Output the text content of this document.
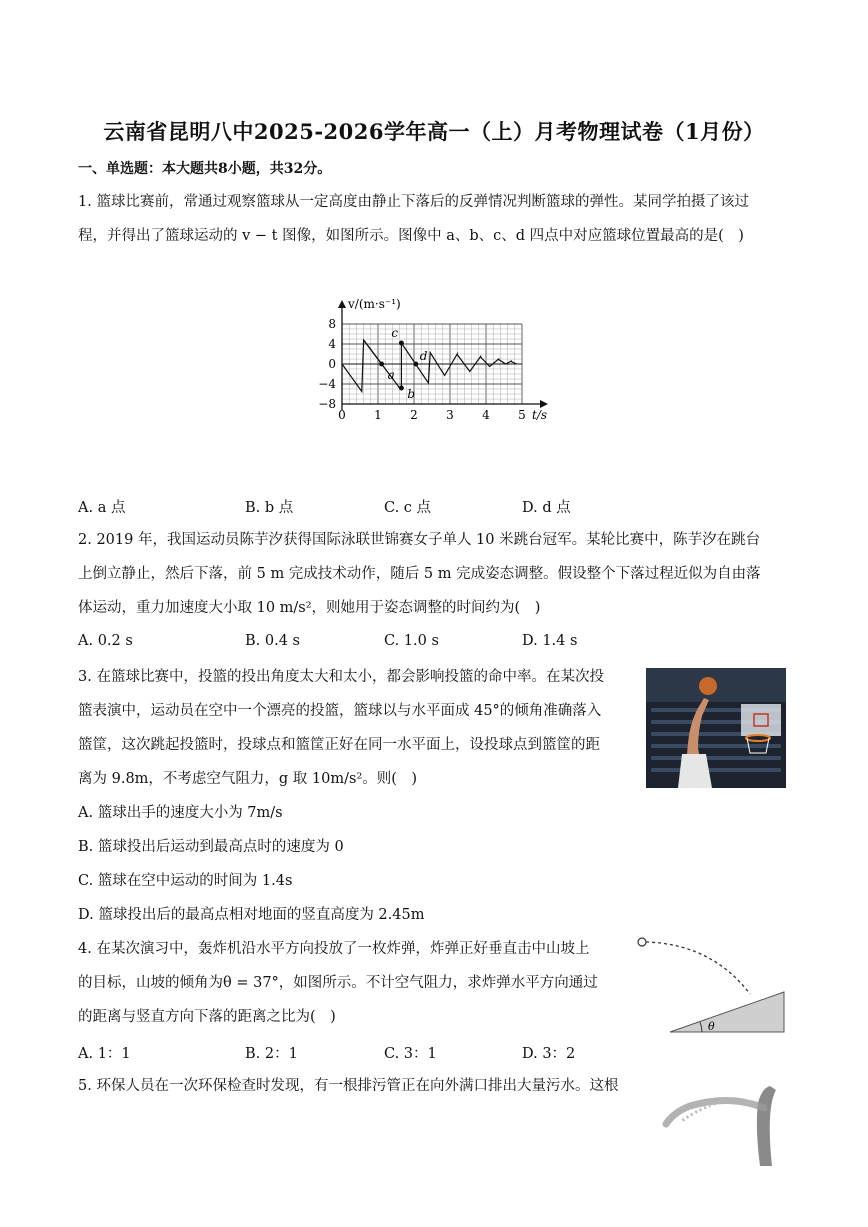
云南省昆明八中2025-2026学年高一（上）月考物理试卷（1月份）
一、单选题：本大题共8小题，共32分。
1. 篮球比赛前，常通过观察篮球从一定高度由静止下落后的反弹情况判断篮球的弹性。某同学拍摄了该过
程，并得出了篮球运动的 v − t 图像，如图所示。图像中 a、b、c、d 四点中对应篮球位置最高的是(　)
a
b
c
d
8
4
0
−4
−8
0 1 2 3 4 5
v/(m·s⁻¹)
t/s
A. a 点	B. b 点	C. c 点	D. d 点
2. 2019 年，我国运动员陈芋汐获得国际泳联世锦赛女子单人 10 米跳台冠军。某轮比赛中，陈芋汐在跳台
上倒立静止，然后下落，前 5 m 完成技术动作，随后 5 m 完成姿态调整。假设整个下落过程近似为自由落
体运动，重力加速度大小取 10 m/s²，则她用于姿态调整的时间约为(　)
A. 0.2 s	B. 0.4 s	C. 1.0 s	D. 1.4 s
3. 在篮球比赛中，投篮的投出角度太大和太小，都会影响投篮的命中率。在某次投
篮表演中，运动员在空中一个漂亮的投篮，篮球以与水平面成 45°的倾角准确落入
篮筐，这次跳起投篮时，投球点和篮筐正好在同一水平面上，设投球点到篮筐的距
离为 9.8m，不考虑空气阻力，g 取 10m/s²。则(　)
A. 篮球出手的速度大小为 7m/s
B. 篮球投出后运动到最高点时的速度为 0
C. 篮球在空中运动的时间为 1.4s
D. 篮球投出后的最高点相对地面的竖直高度为 2.45m
4. 在某次演习中，轰炸机沿水平方向投放了一枚炸弹，炸弹正好垂直击中山坡上
的目标，山坡的倾角为θ = 37°，如图所示。不计空气阻力，求炸弹水平方向通过
的距离与竖直方向下落的距离之比为(　)
θ
A. 1：1	B. 2：1	C. 3：1	D. 3：2
5. 环保人员在一次环保检查时发现，有一根排污管正在向外满口排出大量污水。这根
